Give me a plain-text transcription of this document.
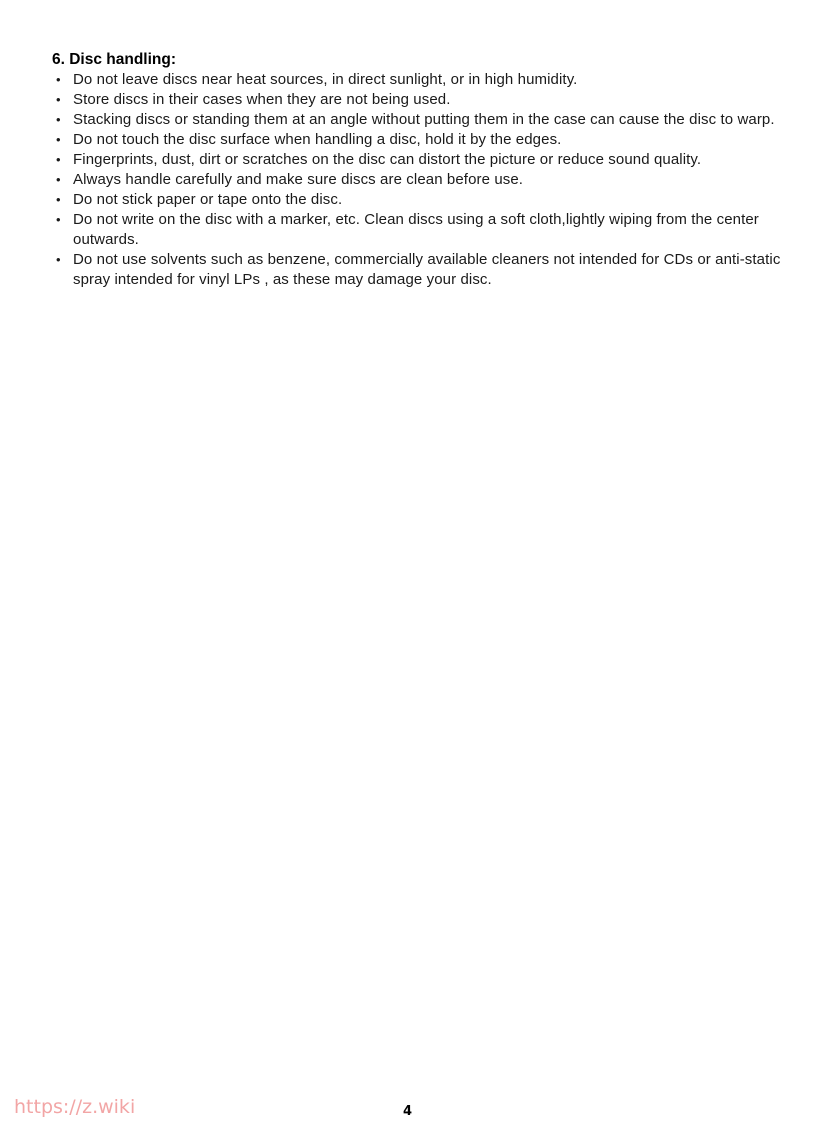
6. Disc handling:
• Do not leave discs near heat sources, in direct sunlight, or in high humidity.
• Store discs in their cases when they are not being used.
• Stacking discs or standing them at an angle without putting them in the case can cause the disc to warp.
• Do not touch the disc surface when handling a disc, hold it by the edges.
• Fingerprints, dust, dirt or scratches on the disc can distort the picture or reduce sound quality.
• Always handle carefully and make sure discs are clean before use.
• Do not stick paper or tape onto the disc.
• Do not write on the disc with a marker, etc. Clean discs using a soft cloth,lightly wiping from the center outwards.
• Do not use solvents such as benzene, commercially available cleaners not intended for CDs or anti-static spray intended for vinyl LPs , as these may damage your disc.
https://z.wiki	4
